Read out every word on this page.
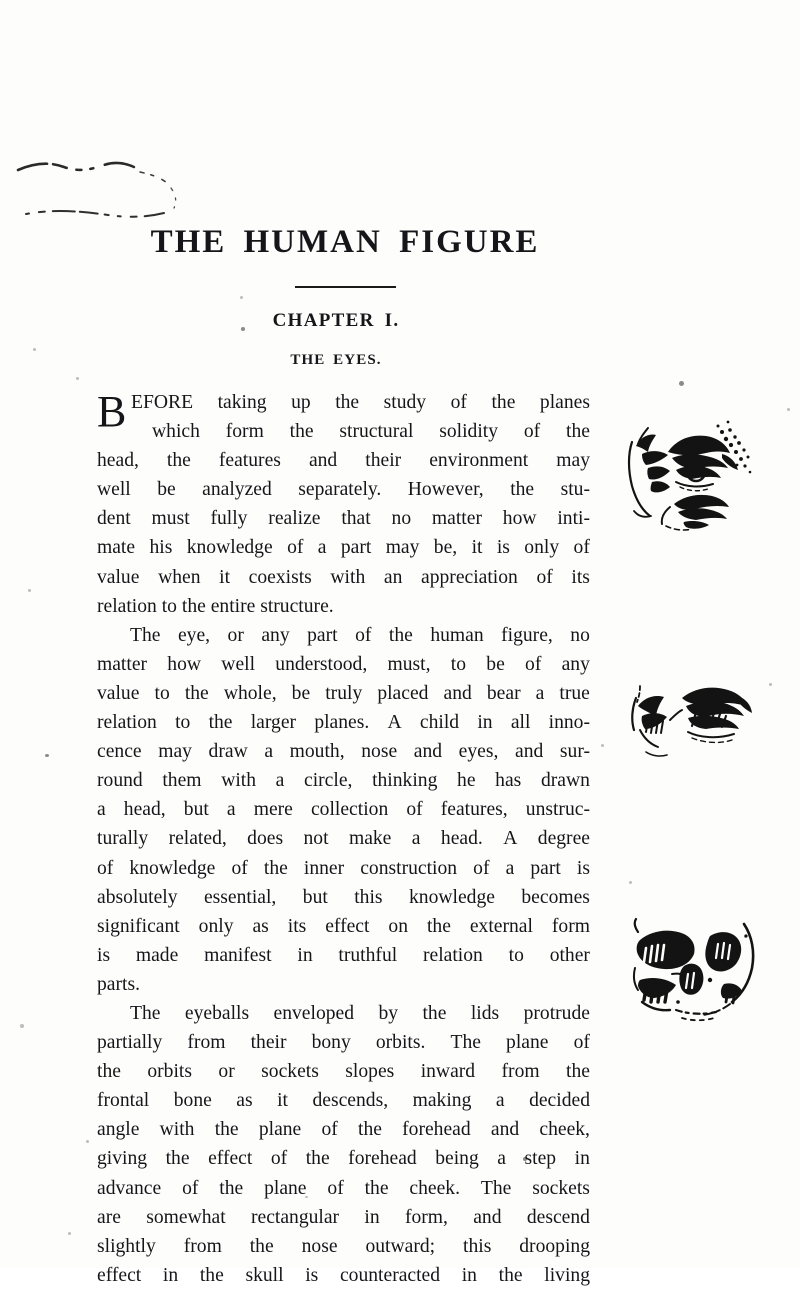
THE HUMAN FIGURE
CHAPTER I.
THE EYES.
B EFORE taking up the study of the planes
which form the structural solidity of the
head, the features and their environment may
well be analyzed separately. However, the stu-
dent must fully realize that no matter how inti-
mate his knowledge of a part may be, it is only of
value when it coexists with an appreciation of its
relation to the entire structure.
The eye, or any part of the human figure, no
matter how well understood, must, to be of any
value to the whole, be truly placed and bear a true
relation to the larger planes. A child in all inno-
cence may draw a mouth, nose and eyes, and sur-
round them with a circle, thinking he has drawn
a head, but a mere collection of features, unstruc-
turally related, does not make a head. A degree
of knowledge of the inner construction of a part is
absolutely essential, but this knowledge becomes
significant only as its effect on the external form
is made manifest in truthful relation to other
parts.
The eyeballs enveloped by the lids protrude
partially from their bony orbits. The plane of
the orbits or sockets slopes inward from the
frontal bone as it descends, making a decided
angle with the plane of the forehead and cheek,
giving the effect of the forehead being a step in
advance of the plane of the cheek. The sockets
are somewhat rectangular in form, and descend
slightly from the nose outward; this drooping
effect in the skull is counteracted in the living
